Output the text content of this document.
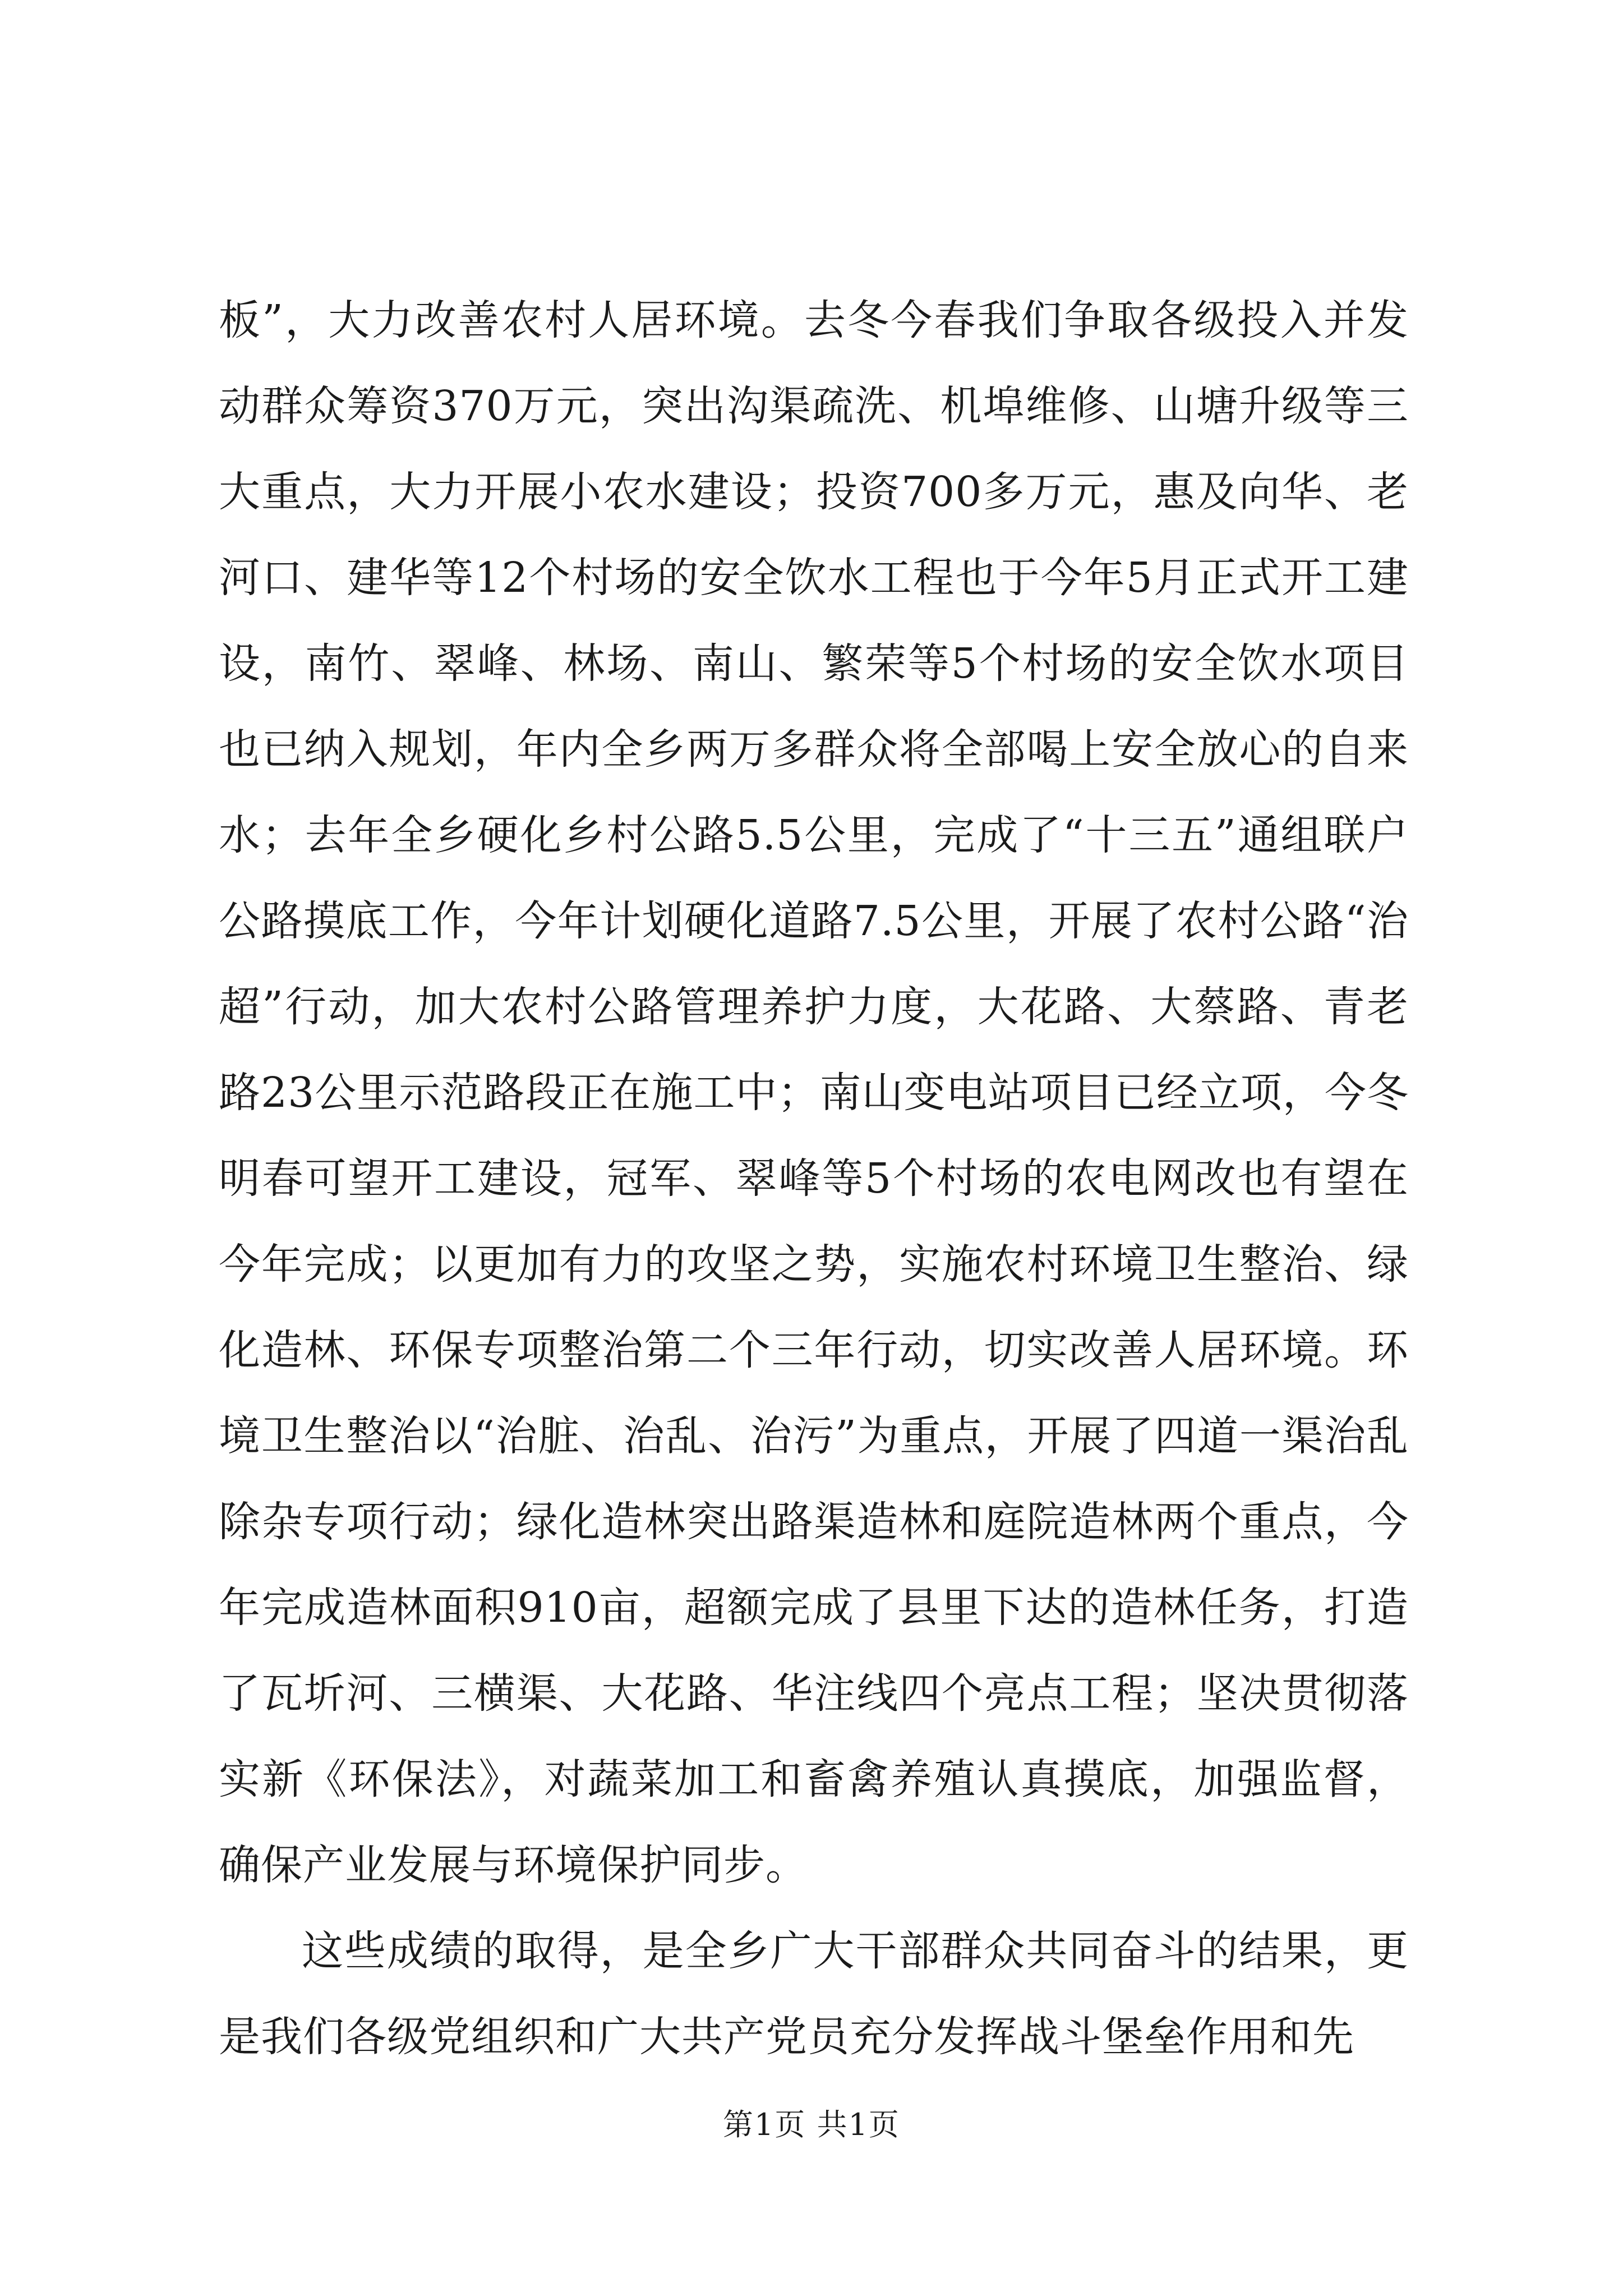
板”，大力改善农村人居环境。去冬今春我们争取各级投入并发动群众筹资370万元，突出沟渠疏洗、机埠维修、山塘升级等三大重点，大力开展小农水建设；投资700多万元，惠及向华、老河口、建华等12个村场的安全饮水工程也于今年5月正式开工建设，南竹、翠峰、林场、南山、繁荣等5个村场的安全饮水项目也已纳入规划，年内全乡两万多群众将全部喝上安全放心的自来水；去年全乡硬化乡村公路5.5公里，完成了“十三五”通组联户公路摸底工作，今年计划硬化道路7.5公里，开展了农村公路“治超”行动，加大农村公路管理养护力度，大花路、大蔡路、青老路23公里示范路段正在施工中；南山变电站项目已经立项，今冬明春可望开工建设，冠军、翠峰等5个村场的农电网改也有望在今年完成；以更加有力的攻坚之势，实施农村环境卫生整治、绿化造林、环保专项整治第二个三年行动，切实改善人居环境。环境卫生整治以“治脏、治乱、治污”为重点，开展了四道一渠治乱除杂专项行动；绿化造林突出路渠造林和庭院造林两个重点，今年完成造林面积910亩，超额完成了县里下达的造林任务，打造了瓦圻河、三横渠、大花路、华注线四个亮点工程；坚决贯彻落实新《环保法》，对蔬菜加工和畜禽养殖认真摸底，加强监督，确保产业发展与环境保护同步。

这些成绩的取得，是全乡广大干部群众共同奋斗的结果，更是我们各级党组织和广大共产党员充分发挥战斗堡垒作用和先

第1页 共1页
